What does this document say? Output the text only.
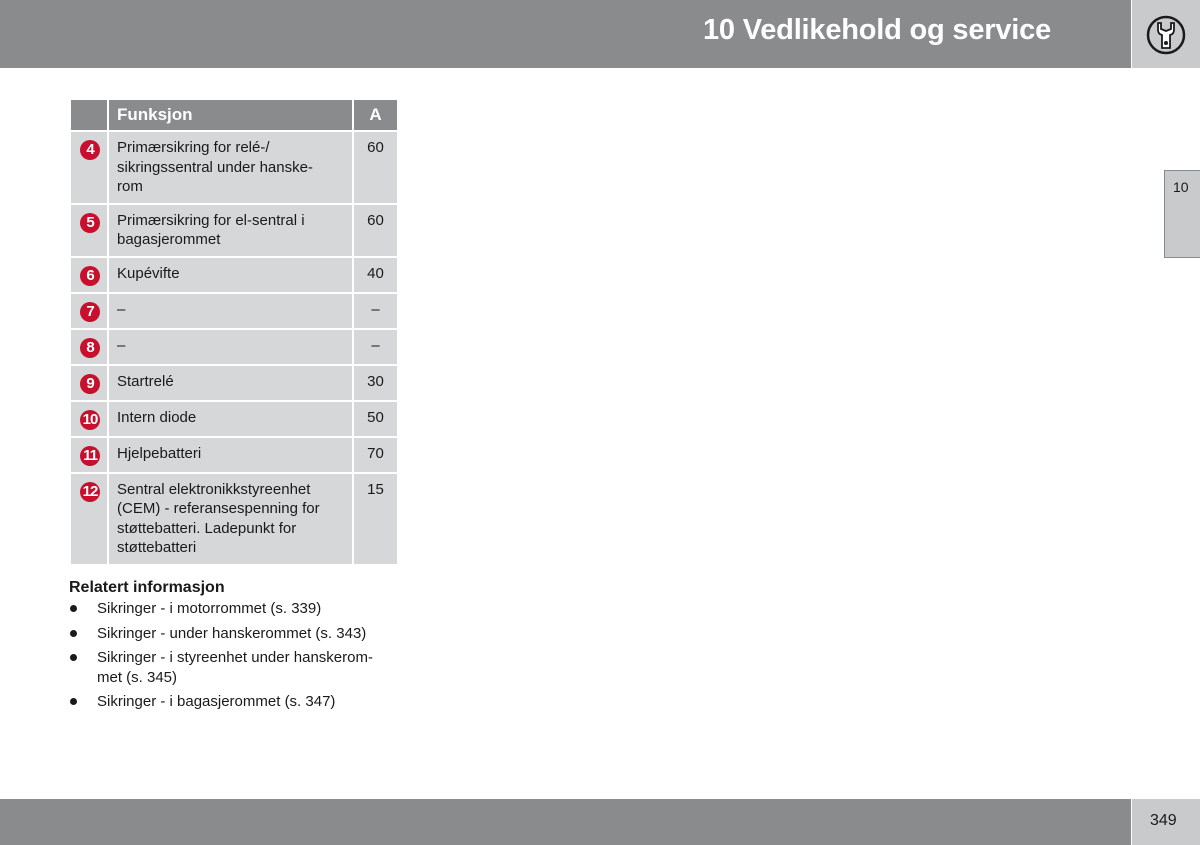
10 Vedlikehold og service
10
	Funksjon	A
4	Primærsikring for relé-/
sikringssentral under hanske-
rom	60
5	Primærsikring for el-sentral i
bagasjerommet	60
6	Kupévifte	40
7	–	–
8	–	–
9	Startrelé	30
10	Intern diode	50
11	Hjelpebatteri	70
12	Sentral elektronikkstyreenhet
(CEM) - referansespenning for
støttebatteri. Ladepunkt for
støttebatteri	15
Relatert informasjon
Sikringer - i motorrommet (s. 339)
Sikringer - under hanskerommet (s. 343)
Sikringer - i styreenhet under hanskerom-
met (s. 345)
Sikringer - i bagasjerommet (s. 347)
349
